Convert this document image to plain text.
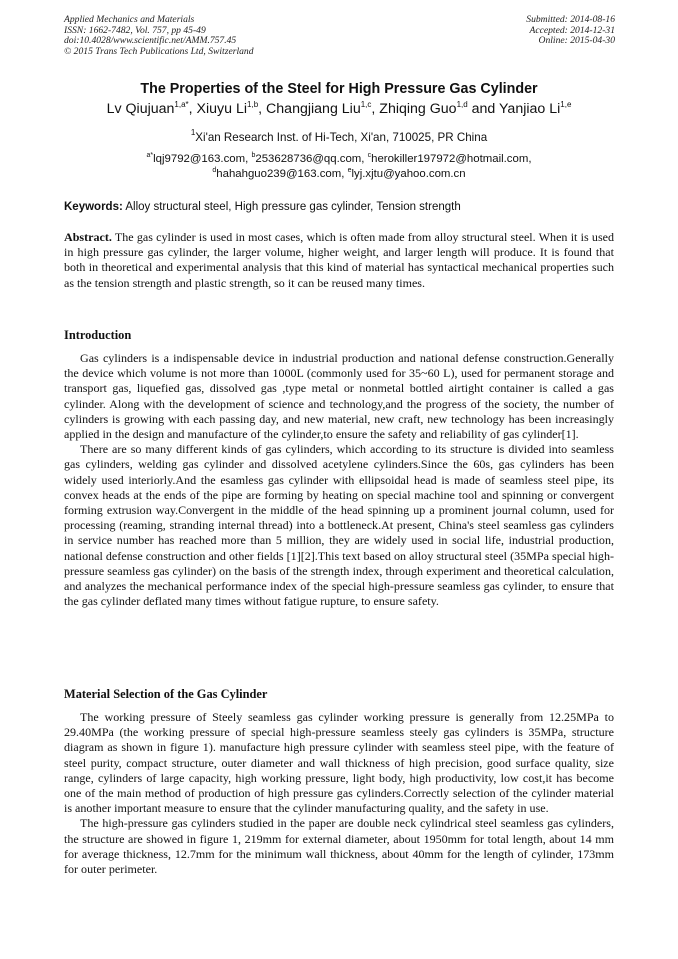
Applied Mechanics and Materials
ISSN: 1662-7482, Vol. 757, pp 45-49
doi:10.4028/www.scientific.net/AMM.757.45
© 2015 Trans Tech Publications Ltd, Switzerland
Submitted: 2014-08-16
Accepted: 2014-12-31
Online: 2015-04-30
The Properties of the Steel for High Pressure Gas Cylinder
Lv Qiujuan$^{1,a*}$, Xiuyu Li$^{1,b}$, Changjiang Liu$^{1,c}$, Zhiqing Guo$^{1,d}$ and Yanjiao Li$^{1,e}$
$^1$Xi'an Research Inst. of Hi-Tech, Xi'an, 710025, PR China
$^{a*}$lqj9792@163.com, $^b$253628736@qq.com, $^c$herokiller197972@hotmail.com,
$^d$hahahguo239@163.com, $^e$lyj.xjtu@yahoo.com.cn
Keywords: Alloy structural steel, High pressure gas cylinder, Tension strength

Abstract. The gas cylinder is used in most cases, which is often made from alloy structural steel. When it is used in high pressure gas cylinder, the larger volume, higher weight, and larger length will produce. It is found that both in theoretical and experimental analysis that this kind of material has syntactical mechanical properties such as the tension strength and plastic strength, so it can be reused many times.

Introduction

Gas cylinders is a indispensable device in industrial production and national defense construction.Generally the device which volume is not more than 1000L (commonly used for 35~60 L), used for permanent storage and transport gas, liquefied gas, dissolved gas ,type metal or nonmetal bottled airtight container is called a gas cylinder. Along with the development of science and technology,and the progress of the society, the number of cylinders is growing with each passing day, and new material, new craft, new technology has been increasingly applied in the design and manufacture of the cylinder,to ensure the safety and reliability of gas cylinder[1].

There are so many different kinds of gas cylinders, which according to its structure is divided into seamless gas cylinders, welding gas cylinder and dissolved acetylene cylinders.Since the 60s, gas cylinders has been widely used interiorly.And the esamless gas cylinder with ellipsoidal head is made of seamless steel pipe, its convex heads at the ends of the pipe are forming by heating on special machine tool and spinning or convergent forming extrusion way.Convergent in the middle of the head spinning up a prominent journal column, used for processing (reaming, stranding internal thread) into a bottleneck.At present, China's steel seamless gas cylinders in service number has reached more than 5 million, they are widely used in social life, industrial production, national defense construction and other fields [1][2].This text based on alloy structural steel (35MPa special high-pressure seamless gas cylinder) on the basis of the strength index, through experiment and theoretical calculation, and analyzes the mechanical performance index of the special high-pressure seamless gas cylinder, to ensure that the gas cylinder deflated many times without fatigue rupture, to ensure safety.

Material Selection of the Gas Cylinder

The working pressure of Steely seamless gas cylinder working pressure is generally from 12.25MPa to 29.40MPa (the working pressure of special high-pressure seamless steely gas cylinders is 35MPa, structure diagram as shown in figure 1). manufacture high pressure cylinder with seamless steel pipe, with the feature of steel purity, compact structure, outer diameter and wall thickness of high precision, good surface quality, size range, cylinders of large capacity, high working pressure, light body, high productivity, low cost,it has become one of the main method of production of high pressure gas cylinders.Correctly selection of the cylinder material is another important measure to ensure that the cylinder manufacturing quality, and the safety in use.

The high-pressure gas cylinders studied in the paper are double neck cylindrical steel seamless gas cylinders, the structure are showed in figure 1, 219mm for external diameter, about 1950mm for total length, about 14 mm for average thickness, 12.7mm for the minimum wall thickness, about 40mm for the length of cylinder, 173mm for outer perimeter.
